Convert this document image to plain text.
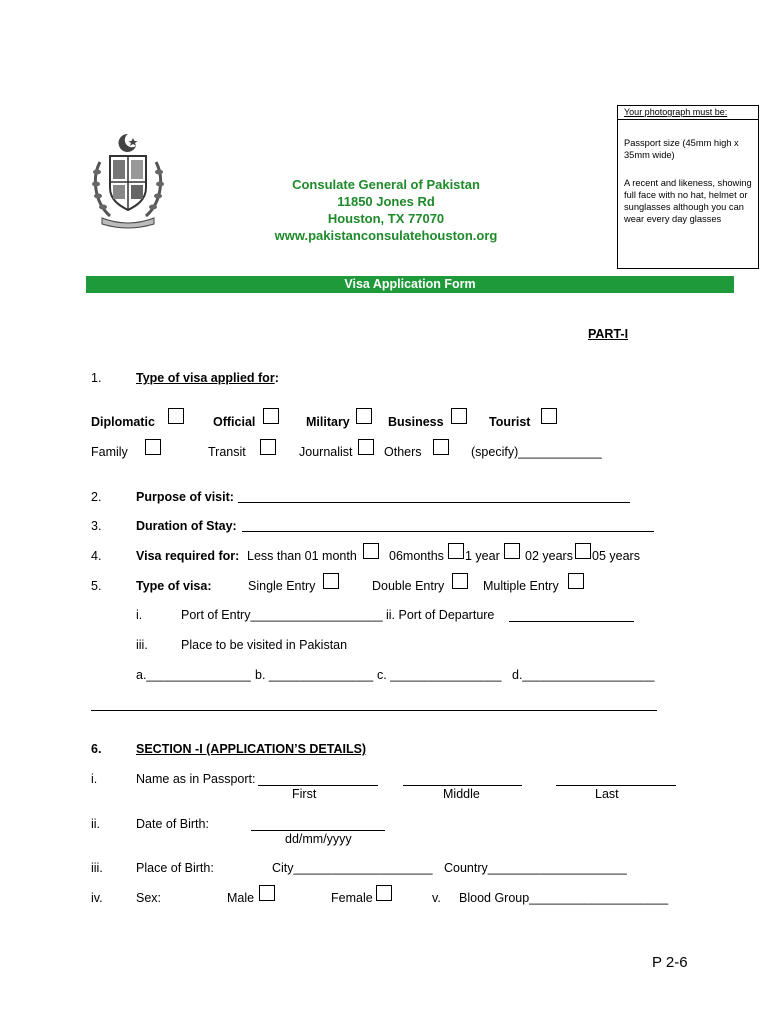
Consulate General of Pakistan
11850 Jones Rd
Houston, TX 77070
www.pakistanconsulatehouston.org
Your photograph must be:
Passport size (45mm high x 35mm wide)
A recent and likeness, showing full face with no hat, helmet or sunglasses although you can wear every day glasses
Visa Application Form
PART-I
1.	Type of visa applied for:
Diplomatic	Official	Military	Business	Tourist
Family	Transit	Journalist	Others	(specify)____________
2.	Purpose of visit:
3.	Duration of Stay:
4.	Visa required for: Less than 01 month	06months 1 year 02 years 05 years
5.	Type of visa:	Single Entry	Double Entry	Multiple Entry
i.	Port of Entry___________________ ii. Port of Departure
iii.	Place to be visited in Pakistan
a._______________ b. _______________ c. ________________ d.___________________
6.	SECTION -I (APPLICATION’S DETAILS)
i.	Name as in Passport:
First	Middle	Last
ii.	Date of Birth:
dd/mm/yyyy
iii.	Place of Birth:	City____________________ Country____________________
iv.	Sex:	Male	Female	v. Blood Group____________________
P 2-6
